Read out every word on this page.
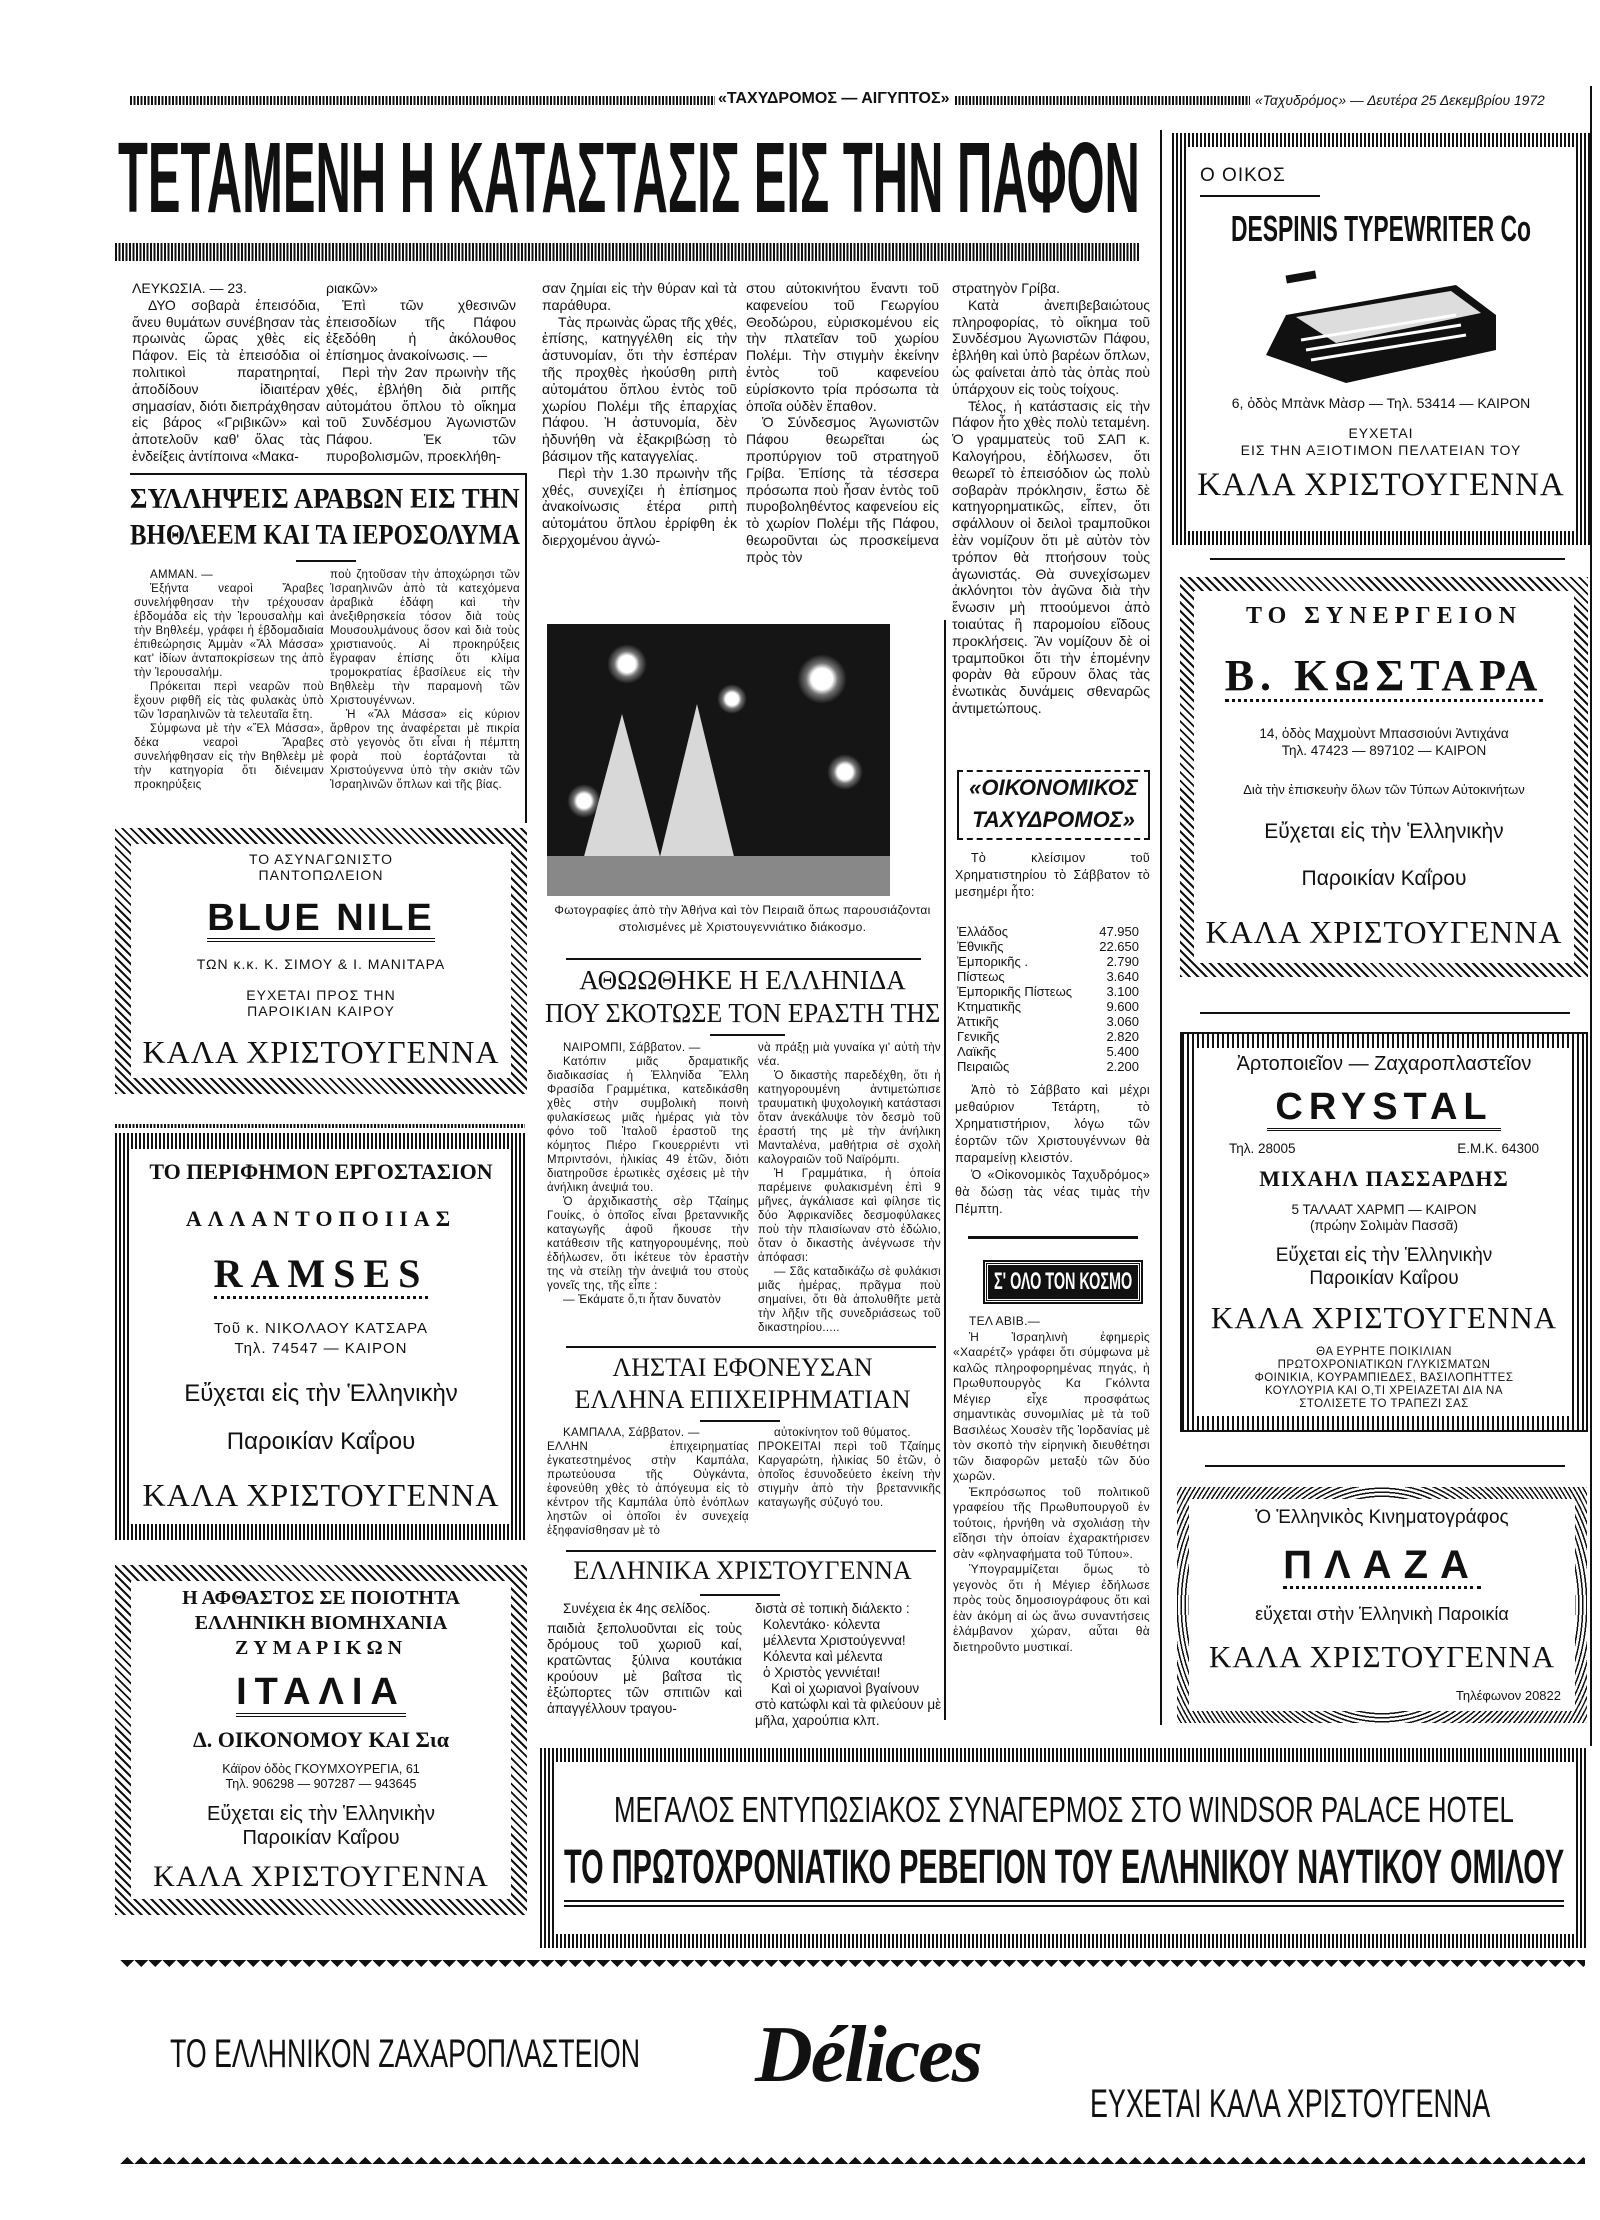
«ΤΑΧΥΔΡΟΜΟΣ — ΑΙΓΥΠΤΟΣ»	«Ταχυδρόμος» — Δευτέρα 25 Δεκεμβρίου 1972
ΤΕΤΑΜΕΝΗ Η ΚΑΤΑΣΤΑΣΙΣ ΕΙΣ ΤΗΝ ΠΑΦΟΝ

ΛΕΥΚΩΣΙΑ. — 23.

ΔΥΟ σοβαρὰ ἐπεισόδια, ἄνευ θυμάτων συνέβησαν τὰς πρωινὰς ὥρας χθὲς εἰς Πάφον. Εἰς τὰ ἐπεισόδια οἱ πολιτικοὶ παρατηρηταί, ἀποδίδουν ἰδιαιτέραν σημασίαν, διότι διεπράχθησαν εἰς βάρος «Γριβικῶν» καὶ ἀποτελοῦν καθ' ὅλας τὰς ἐνδείξεις ἀντίποινα «Μακα-

ριακῶν»

Ἐπὶ τῶν χθεσινῶν ἐπεισοδίων τῆς Πάφου ἐξεδόθη ἡ ἀκόλουθος ἐπίσημος ἀνακοίνωσις. —

Περὶ τὴν 2αν πρωινὴν τῆς χθές, ἐβλήθη διὰ ριπῆς αὐτομάτου ὅπλου τὸ οἴκημα τοῦ Συνδέσμου Ἀγωνιστῶν Πάφου. Ἐκ τῶν πυροβολισμῶν, προεκλήθη-

σαν ζημίαι εἰς τὴν θύραν καὶ τὰ παράθυρα.

Τὰς πρωινὰς ὥρας τῆς χθές, ἐπίσης, κατηγγέλθη εἰς τὴν ἀστυνομίαν, ὅτι τὴν ἑσπέραν τῆς προχθὲς ἠκούσθη ριπὴ αὐτομάτου ὅπλου ἐντὸς τοῦ χωρίου Πολέμι τῆς ἐπαρχίας Πάφου. Ἡ ἀστυνομία, δὲν ἠδυνήθη νὰ ἐξακριβώσῃ τὸ βάσιμον τῆς καταγγελίας.

Περὶ τὴν 1.30 πρωινὴν τῆς χθές, συνεχίζει ἡ ἐπίσημος ἀνακοίνωσις ἑτέρα ριπὴ αὐτομάτου ὅπλου ἐρρίφθη ἐκ διερχομένου ἀγνώ-

στου αὐτοκινήτου ἔναντι τοῦ καφενείου τοῦ Γεωργίου Θεοδώρου, εὑρισκομένου εἰς τὴν πλατεῖαν τοῦ χωρίου Πολέμι. Τὴν στιγμὴν ἐκείνην ἐντὸς τοῦ καφενείου εὑρίσκοντο τρία πρόσωπα τὰ ὁποῖα οὐδὲν ἔπαθον.

Ὁ Σύνδεσμος Ἀγωνιστῶν Πάφου θεωρεῖται ὡς προπύργιον τοῦ στρατηγοῦ Γρίβα. Ἐπίσης τὰ τέσσερα πρόσωπα ποὺ ἦσαν ἐντὸς τοῦ πυροβοληθέντος καφενείου εἰς τὸ χωρίον Πολέμι τῆς Πάφου, θεωροῦνται ὡς προσκείμενα πρὸς τὸν

στρατηγὸν Γρίβα.

Κατὰ ἀνεπιβεβαιώτους πληροφορίας, τὸ οἴκημα τοῦ Συνδέσμου Ἀγωνιστῶν Πάφου, ἐβλήθη καὶ ὑπὸ βαρέων ὅπλων, ὡς φαίνεται ἀπὸ τὰς ὀπὰς ποὺ ὑπάρχουν εἰς τοὺς τοίχους.

Τέλος, ἡ κατάστασις εἰς τὴν Πάφον ἦτο χθὲς πολὺ τεταμένη. Ὁ γραμματεὺς τοῦ ΣΑΠ κ. Καλογήρου, ἐδήλωσεν, ὅτι θεωρεῖ τὸ ἐπεισόδιον ὡς πολὺ σοβαρὰν πρόκλησιν, ἔστω δὲ κατηγορηματικῶς, εἶπεν, ὅτι σφάλλουν οἱ δειλοὶ τραμποῦκοι ἐὰν νομίζουν ὅτι μὲ αὐτὸν τὸν τρόπον θὰ πτοήσουν τοὺς ἀγωνιστάς. Θὰ συνεχίσωμεν ἀκλόνητοι τὸν ἀγῶνα διὰ τὴν ἕνωσιν μὴ πτοούμενοι ἀπὸ τοιαύτας ἢ παρομοίου εἴδους προκλήσεις. Ἂν νομίζουν δὲ οἱ τραμποῦκοι ὅτι τὴν ἐπομένην φορὰν θὰ εὕρουν ὅλας τὰς ἑνωτικὰς δυνάμεις σθεναρῶς ἀντιμετώπους.

ΣΥΛΛΗΨΕΙΣ ΑΡΑΒΩΝ ΕΙΣ ΤΗΝ
ΒΗΘΛΕΕΜ ΚΑΙ ΤΑ ΙΕΡΟΣΟΛΥΜΑ

ΑΜΜΑΝ. —

Ἑξήντα νεαροὶ Ἄραβες συνελήφθησαν τὴν τρέχουσαν ἑβδομάδα εἰς τὴν Ἱερουσαλὴμ καὶ τὴν Βηθλεέμ, γράφει ἡ ἑβδομαδιαία ἐπιθεώρησις Ἀμμὰν «Ἄλ Μάσσα» κατ' ἰδίων ἀνταποκρίσεων της ἀπὸ τὴν Ἱερουσαλήμ.

Πρόκειται περὶ νεαρῶν ποὺ ἔχουν ριφθῆ εἰς τὰς φυλακὰς ὑπὸ τῶν Ἰσραηλινῶν τὰ τελευταῖα ἔτη.

Σύμφωνα μὲ τὴν «Ἔλ Μάσσα», δέκα νεαροὶ Ἄραβες συνελήφθησαν εἰς τὴν Βηθλεὲμ μὲ τὴν κατηγορία ὅτι διένειμαν προκηρύξεις

ποὺ ζητοῦσαν τὴν ἀποχώρησι τῶν Ἰσραηλινῶν ἀπὸ τὰ κατεχόμενα ἀραβικὰ ἐδάφη καὶ τὴν ἀνεξιθρησκεία τόσον διὰ τοὺς Μουσουλμάνους ὅσον καὶ διὰ τοὺς χριστιανούς. Αἱ προκηρύξεις ἔγραφαν ἐπίσης ὅτι κλίμα τρομοκρατίας ἐβασίλευε εἰς τὴν Βηθλεὲμ τὴν παραμονὴ τῶν Χριστουγέννων.

Ἡ «Ἄλ Μάσσα» εἰς κύριον ἄρθρον της ἀναφέρεται μὲ πικρία στὸ γεγονὸς ὅτι εἶναι ἡ πέμπτη φορὰ ποὺ ἑορτάζονται τὰ Χριστούγεννα ὑπὸ τὴν σκιὰν τῶν Ἰσραηλινῶν ὅπλων καὶ τῆς βίας.

ΤΟ ΑΣΥΝΑΓΩΝΙΣΤΟ
ΠΑΝΤΟΠΩΛΕΙΟΝ
BLUE NILE
ΤΩΝ κ.κ. Κ. ΣΙΜΟΥ & Ι. ΜΑΝΙΤΑΡΑ
ΕΥΧΕΤΑΙ ΠΡΟΣ ΤΗΝ
ΠΑΡΟΙΚΙΑΝ ΚΑΙΡΟΥ
ΚΑΛΑ ΧΡΙΣΤΟΥΓΕΝΝΑ
ΤΟ ΠΕΡΙΦΗΜΟΝ ΕΡΓΟΣΤΑΣΙΟΝ
ΑΛΛΑΝΤΟΠΟΙΙΑΣ
RAMSES
Τοῦ κ. ΝΙΚΟΛΑΟΥ ΚΑΤΣΑΡΑ
Τηλ. 74547 — ΚΑΙΡΟΝ
Εὔχεται εἰς τὴν Ἑλληνικὴν
Παροικίαν Καΐρου
ΚΑΛΑ ΧΡΙΣΤΟΥΓΕΝΝΑ
Η ΑΦΘΑΣΤΟΣ ΣΕ ΠΟΙΟΤΗΤΑ
ΕΛΛΗΝΙΚΗ ΒΙΟΜΗΧΑΝΙΑ
ΖΥΜΑΡΙΚΩΝ
ΙΤΑΛΙΑ
Δ. ΟΙΚΟΝΟΜΟΥ ΚΑΙ Σια
Κάϊρον ὁδὸς ΓΚΟΥΜΧΟΥΡΕΓΙΑ, 61
Τηλ. 906298 — 907287 — 943645
Εὔχεται εἰς τὴν Ἑλληνικὴν
Παροικίαν Καΐρου
ΚΑΛΑ ΧΡΙΣΤΟΥΓΕΝΝΑ
Φωτογραφίες ἀπὸ τὴν Ἀθήνα καὶ τὸν Πειραιᾶ ὅπως παρουσιάζονται στολισμένες μὲ Χριστουγεννιάτικο διάκοσμο.
ΑΘΩΩΘΗΚΕ Η ΕΛΛΗΝΙΔΑ
ΠΟΥ ΣΚΟΤΩΣΕ ΤΟΝ ΕΡΑΣΤΗ ΤΗΣ

ΝΑΙΡΟΜΠΙ, Σάββατον. —

Κατόπιν μιᾶς δραματικῆς διαδικασίας ἡ Ἑλληνίδα Ἔλλη Φρασίδα Γραμμέτικα, κατεδικάσθη χθὲς στὴν συμβολικὴ ποινὴ φυλακίσεως μιᾶς ἡμέρας γιὰ τὸν φόνο τοῦ Ἰταλοῦ ἐραστοῦ της κόμητος Πιέρο Γκουερριέντι ντὶ Μπριντσόνι, ἡλικίας 49 ἐτῶν, διότι διατηροῦσε ἐρωτικὲς σχέσεις μὲ τὴν ἀνήλικη ἀνεψιά του.

Ὁ ἀρχιδικαστὴς σὲρ Τζαίημς Γουίκς, ὁ ὁποῖος εἶναι βρεταννικῆς καταγωγῆς ἀφοῦ ἤκουσε τὴν κατάθεσιν τῆς κατηγορουμένης, ποὺ ἐδήλωσεν, ὅτι ἱκέτευε τὸν ἐραστὴν της νὰ στείλῃ τὴν ἀνεψιά του στοὺς γονεῖς της, τῆς εἶπε :

— Ἐκάματε ὅ,τι ἦταν δυνατὸν

νὰ πράξῃ μιὰ γυναίκα γι' αὐτὴ τὴν νέα.

Ὁ δικαστὴς παρεδέχθη, ὅτι ἡ κατηγορουμένη ἀντιμετώπισε τραυματικὴ ψυχολογικὴ κατάστασι ὅταν ἀνεκάλυψε τὸν δεσμὸ τοῦ ἐραστή της μὲ τὴν ἀνήλικη Μανταλένα, μαθήτρια σὲ σχολὴ καλογραιῶν τοῦ Ναϊρόμπι.

Ἡ Γραμμάτικα, ἡ ὁποία παρέμεινε φυλακισμένη ἐπὶ 9 μῆνες, ἀγκάλιασε καὶ φίλησε τὶς δύο Ἀφρικανίδες δεσμοφύλακες ποὺ τὴν πλαισίωναν στὸ ἑδώλιο, ὅταν ὁ δικαστὴς ἀνέγνωσε τὴν ἀπόφασι:

— Σᾶς καταδικάζω σὲ φυλάκισι μιᾶς ἡμέρας, πρᾶγμα ποὺ σημαίνει, ὅτι θὰ ἀπολυθῆτε μετὰ τὴν λῆξιν τῆς συνεδριάσεως τοῦ δικαστηρίου.....

ΛΗΣΤΑΙ ΕΦΟΝΕΥΣΑΝ
ΕΛΛΗΝΑ ΕΠΙΧΕΙΡΗΜΑΤΙΑΝ

ΚΑΜΠΑΛΑ, Σάββατον. —

ΕΛΛΗΝ ἐπιχειρηματίας ἐγκατεστημένος στὴν Καμπάλα, πρωτεύουσα τῆς Οὐγκάντα, ἐφονεύθη χθὲς τὸ ἀπόγευμα εἰς τὸ κέντρον τῆς Καμπάλα ὑπὸ ἐνόπλων ληστῶν οἱ ὁποῖοι ἐν συνεχείᾳ ἐξηφανίσθησαν μὲ τὸ

αὐτοκίνητον τοῦ θύματος.

ΠΡΟΚΕΙΤΑΙ περὶ τοῦ Τζαίημς Καργαρώτη, ἡλικίας 50 ἐτῶν, ὁ ὁποῖος ἐσυνοδεύετο ἐκείνη τὴν στιγμὴν ἀπὸ τὴν βρεταννικῆς καταγωγῆς σύζυγό του.

ΕΛΛΗΝΙΚΑ ΧΡΙΣΤΟΥΓΕΝΝΑ

Συνέχεια ἐκ 4ης σελίδος.

παιδιὰ ξεπολυοῦνται εἰς τοὺς δρόμους τοῦ χωριοῦ καί, κρατῶντας ξύλινα κουτάκια κρούουν μὲ βαΐτσα τὶς ἐξώπορτες τῶν σπιτιῶν καὶ ἀπαγγέλλουν τραγου-

διστὰ σὲ τοπικὴ διάλεκτο :

Κολεντάκο· κόλεντα
μέλλεντα Χριστούγεννα!
Κόλεντα καὶ μέλεντα
ὁ Χριστὸς γεννιέται!

Καὶ οἱ χωριανοὶ βγαίνουν στὸ κατώφλι καὶ τὰ φιλεύουν μὲ μῆλα, χαρούπια κλπ.

«ΟΙΚΟΝΟΜΙΚΟΣ
ΤΑΧΥΔΡΟΜΟΣ»

Τὸ κλείσιμον τοῦ Χρηματιστηρίου τὸ Σάββατον τὸ μεσημέρι ἦτο:

Ἑλλάδος	47.950
Ἐθνικῆς	22.650
Ἐμπορικῆς .	2.790
Πίστεως	3.640
Ἐμπορικῆς Πίστεως	3.100
Κτηματικῆς	9.600
Ἀττικῆς	3.060
Γενικῆς	2.820
Λαϊκῆς	5.400
Πειραιῶς	2.200

Ἀπὸ τὸ Σάββατο καὶ μέχρι μεθαύριον Τετάρτη, τὸ Χρηματιστήριον, λόγω τῶν ἑορτῶν τῶν Χριστουγέννων θὰ παραμείνῃ κλειστόν.

Ὁ «Οἰκονομικὸς Ταχυδρόμος» θὰ δώσῃ τὰς νέας τιμὰς τὴν Πέμπτη.

Σ' ΟΛΟ ΤΟΝ ΚΟΣΜΟ

ΤΕΛ ΑΒΙΒ.—

Ἡ Ἰσραηλινὴ ἐφημερὶς «Χααρέτζ» γράφει ὅτι σύμφωνα μὲ καλῶς πληροφορημένας πηγάς, ἡ Πρωθυπουργὸς Κα Γκόλντα Μέγιερ εἶχε προσφάτως σημαντικὰς συνομιλίας μὲ τὰ τοῦ Βασιλέως Χουσὲν τῆς Ἰορδανίας μὲ τὸν σκοπὸ τὴν εἰρηνικὴ διευθέτησι τῶν διαφορῶν μεταξὺ τῶν δύο χωρῶν.

Ἐκπρόσωπος τοῦ πολιτικοῦ γραφείου τῆς Πρωθυπουργοῦ ἐν τούτοις, ἠρνήθη νὰ σχολιάσῃ τὴν εἴδησι τὴν ὁποίαν ἐχαρακτήρισεν σὰν «φληναφήματα τοῦ Τύπου».

Ὑπογραμμίζεται ὅμως τὸ γεγονὸς ὅτι ἡ Μέγιερ ἐδήλωσε πρὸς τοὺς δημοσιογράφους ὅτι καὶ ἐὰν ἀκόμη αἱ ὡς ἄνω συναντήσεις ἐλάμβανον χώραν, αὗται θὰ διετηροῦντο μυστικαί.

Ο ΟΙΚΟΣ
DESPINIS TYPEWRITER Co
6, ὁδὸς Μπὰνκ Μὰσρ — Τηλ. 53414 — ΚΑΙΡΟΝ
ΕΥΧΕΤΑΙ
ΕΙΣ ΤΗΝ ΑΞΙΟΤΙΜΟΝ ΠΕΛΑΤΕΙΑΝ ΤΟΥ
ΚΑΛΑ ΧΡΙΣΤΟΥΓΕΝΝΑ
ΤΟ ΣΥΝΕΡΓΕΙΟΝ
Β. ΚΩΣΤΑΡΑ
14, ὁδὸς Μαχμοὺντ Μπασσιούνι Ἀντιχάνα
Τηλ. 47423 — 897102 — ΚΑΙΡΟΝ
Διὰ τὴν ἐπισκευὴν ὅλων τῶν Τύπων Αὐτοκινήτων
Εὔχεται εἰς τὴν Ἑλληνικὴν
Παροικίαν Καΐρου
ΚΑΛΑ ΧΡΙΣΤΟΥΓΕΝΝΑ
Ἀρτοποιεῖον — Ζαχαροπλαστεῖον
CRYSTAL
Τηλ. 28005	Ε.Μ.Κ. 64300
ΜΙΧΑΗΛ ΠΑΣΣΑΡΔΗΣ
5 ΤΑΛΑΑΤ ΧΑΡΜΠ — ΚΑΙΡΟΝ
(πρώην Σολιμὰν Πασσᾶ)
Εὔχεται εἰς τὴν Ἑλληνικὴν
Παροικίαν Καΐρου
ΚΑΛΑ ΧΡΙΣΤΟΥΓΕΝΝΑ
ΘΑ ΕΥΡΗΤΕ ΠΟΙΚΙΛΙΑΝ
ΠΡΩΤΟΧΡΟΝΙΑΤΙΚΩΝ ΓΛΥΚΙΣΜΑΤΩΝ
ΦΟΙΝΙΚΙΑ, ΚΟΥΡΑΜΠΙΕΔΕΣ, ΒΑΣΙΛΟΠΗΤΤΕΣ
ΚΟΥΛΟΥΡΙΑ ΚΑΙ Ο,ΤΙ ΧΡΕΙΑΖΕΤΑΙ ΔΙΑ ΝΑ
ΣΤΟΛΙΣΕΤΕ ΤΟ ΤΡΑΠΕΖΙ ΣΑΣ
Ὁ Ἑλληνικὸς Κινηματογράφος
ΠΛΑΖΑ
εὔχεται στὴν Ἑλληνικὴ Παροικία
ΚΑΛΑ ΧΡΙΣΤΟΥΓΕΝΝΑ
Τηλέφωνον 20822
ΜΕΓΑΛΟΣ ΕΝΤΥΠΩΣΙΑΚΟΣ ΣΥΝΑΓΕΡΜΟΣ ΣΤΟ WINDSOR PALACE HOTEL
ΤΟ ΠΡΩΤΟΧΡΟΝΙΑΤΙΚΟ ΡΕΒΕΓΙΟΝ ΤΟΥ ΕΛΛΗΝΙΚΟΥ ΝΑΥΤΙΚΟΥ ΟΜΙΛΟΥ
ΤΟ ΕΛΛΗΝΙΚΟΝ ΖΑΧΑΡΟΠΛΑΣΤΕΙΟΝ Délices
ΕΥΧΕΤΑΙ ΚΑΛΑ ΧΡΙΣΤΟΥΓΕΝΝΑ
